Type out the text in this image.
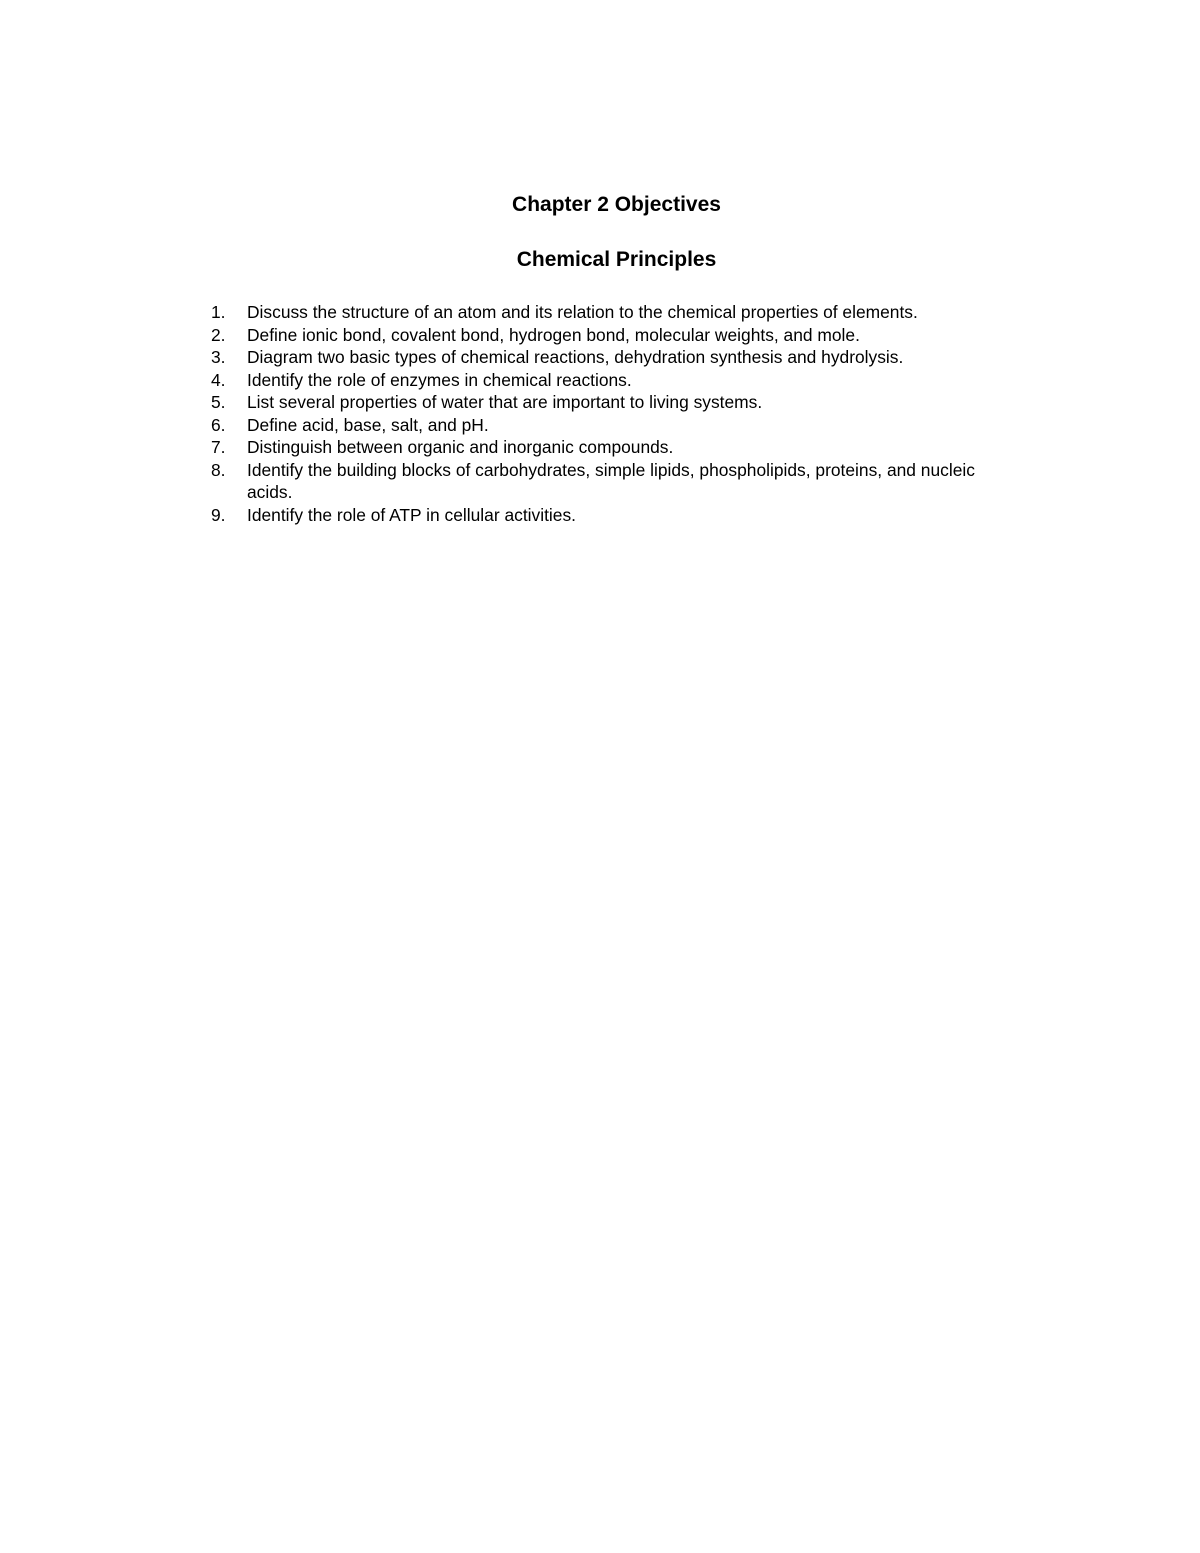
Chapter 2 Objectives
Chemical Principles
1.	Discuss the structure of an atom and its relation to the chemical properties of elements.
2.	Define ionic bond, covalent bond, hydrogen bond, molecular weights, and mole.
3.	Diagram two basic types of chemical reactions, dehydration synthesis and hydrolysis.
4.	Identify the role of enzymes in chemical reactions.
5.	List several properties of water that are important to living systems.
6.	Define acid, base, salt, and pH.
7.	Distinguish between organic and inorganic compounds.
8.	Identify the building blocks of carbohydrates, simple lipids, phospholipids, proteins, and nucleic acids.
9.	Identify the role of ATP in cellular activities.
